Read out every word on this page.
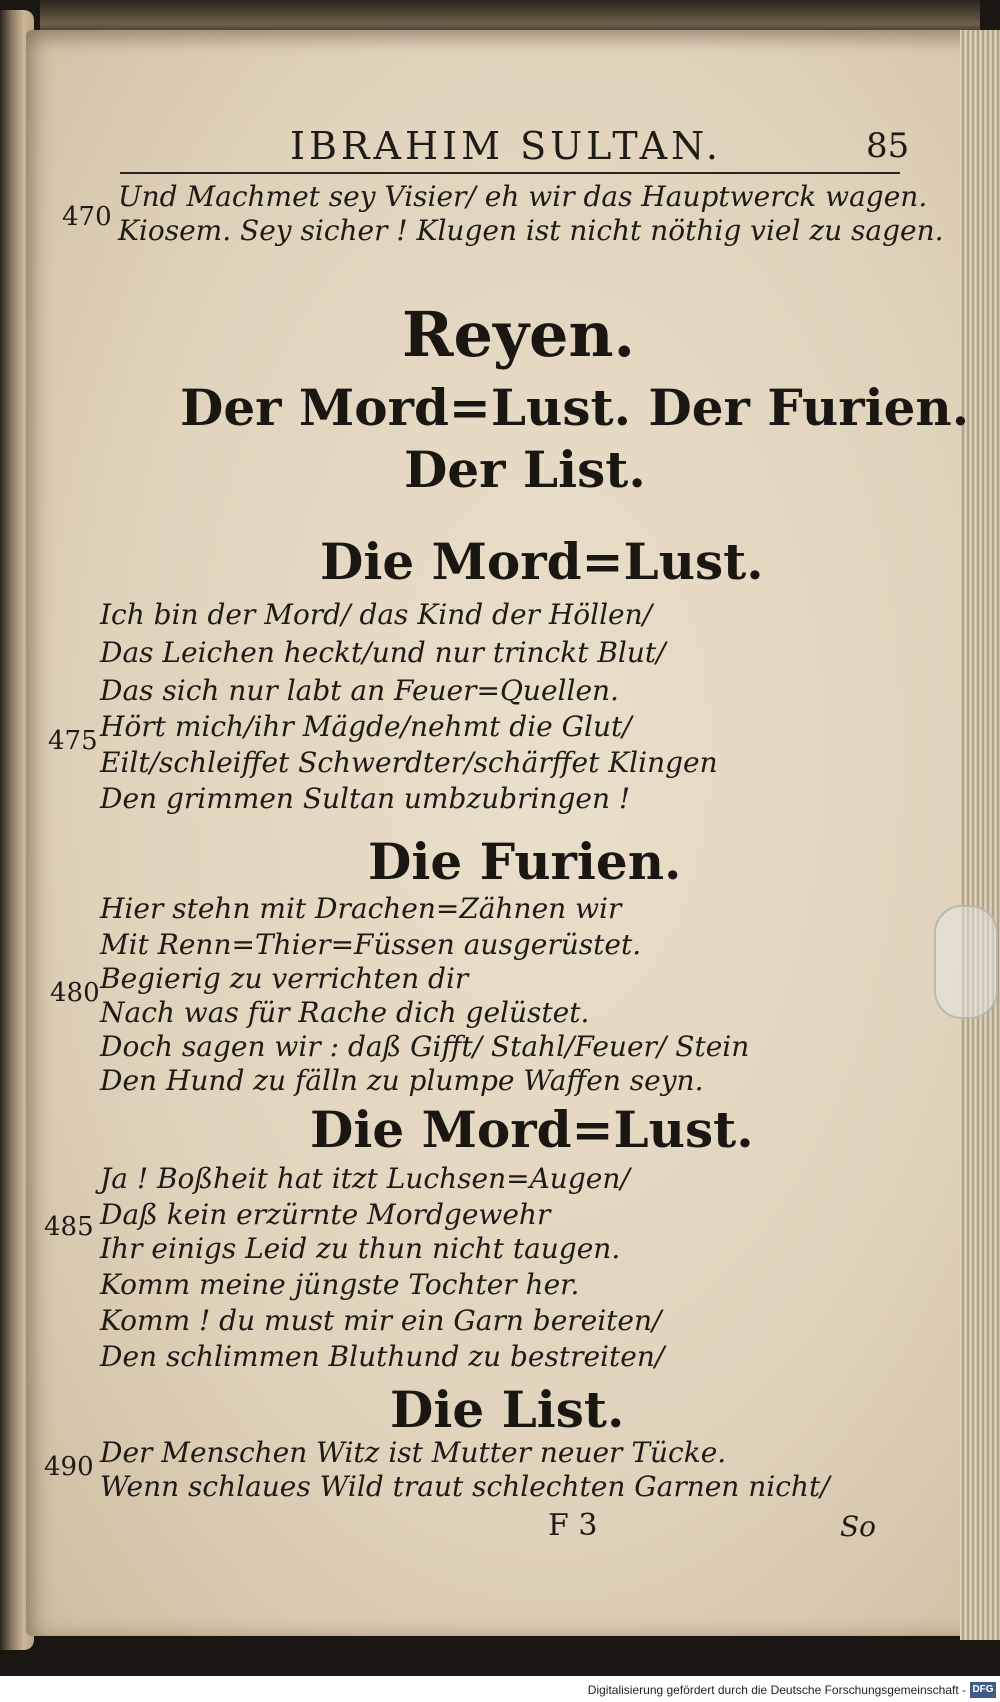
IBRAHIM SULTAN.	85
Und Machmet sey Visier/ eh wir das Hauptwerck wagen.
470 Kiosem. Sey sicher ! Klugen ist nicht nöthig viel zu sagen.
Reyen.
Der Mord=Lust. Der Furien.
Der List.
Die Mord=Lust.
Ich bin der Mord/ das Kind der Höllen/
Das Leichen heckt/und nur trinckt Blut/
Das sich nur labt an Feuer=Quellen.
Hört mich/ihr Mägde/nehmt die Glut/
475
Eilt/schleiffet Schwerdter/schärffet Klingen
Den grimmen Sultan umbzubringen !
Die Furien.
Hier stehn mit Drachen=Zähnen wir
Mit Renn=Thier=Füssen ausgerüstet.
Begierig zu verrichten dir
480
Nach was für Rache dich gelüstet.
Doch sagen wir : daß Gifft/ Stahl/Feuer/ Stein
Den Hund zu fälln zu plumpe Waffen seyn.
Die Mord=Lust.
Ja ! Boßheit hat itzt Luchsen=Augen/
Daß kein erzürnte Mordgewehr
485
Ihr einigs Leid zu thun nicht taugen.
Komm meine jüngste Tochter her.
Komm ! du must mir ein Garn bereiten/
Den schlimmen Bluthund zu bestreiten/
Die List.
Der Menschen Witz ist Mutter neuer Tücke.
490
Wenn schlaues Wild traut schlechten Garnen nicht/
F 3	So
Digitalisierung gefördert durch die Deutsche Forschungsgemeinschaft - DFG
